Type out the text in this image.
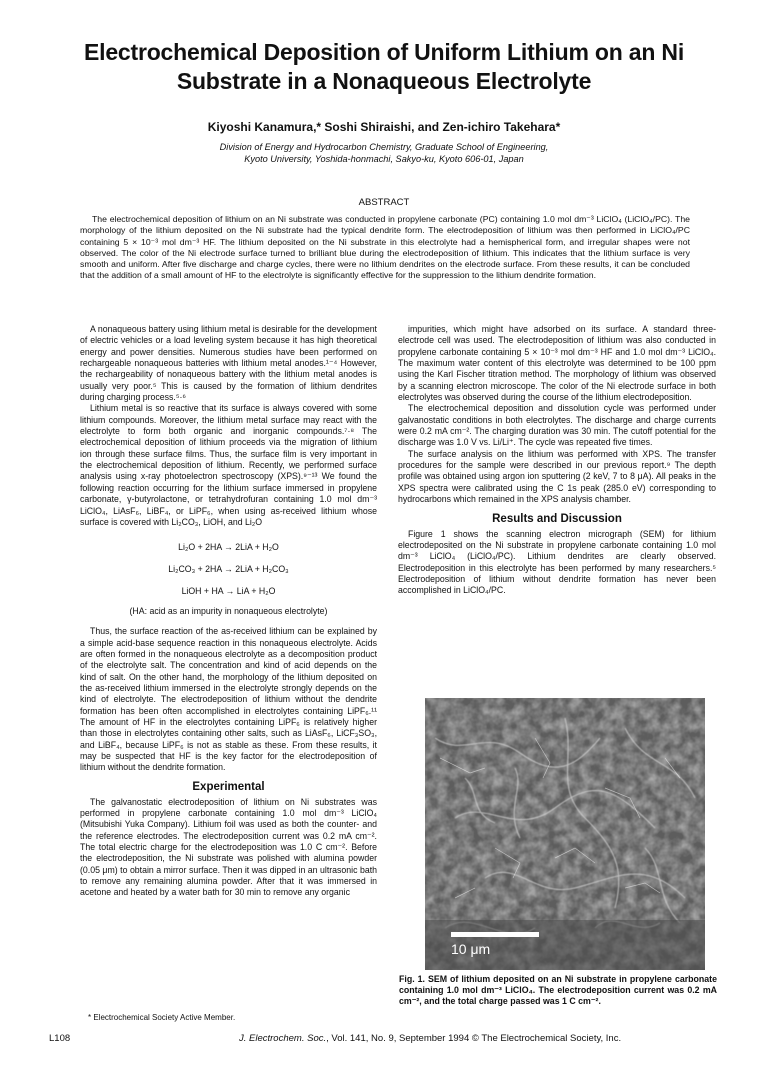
Electrochemical Deposition of Uniform Lithium on an Ni Substrate in a Nonaqueous Electrolyte
Kiyoshi Kanamura,* Soshi Shiraishi, and Zen-ichiro Takehara*
Division of Energy and Hydrocarbon Chemistry, Graduate School of Engineering,
Kyoto University, Yoshida-honmachi, Sakyo-ku, Kyoto 606-01, Japan
ABSTRACT
The electrochemical deposition of lithium on an Ni substrate was conducted in propylene carbonate (PC) containing 1.0 mol dm⁻³ LiClO₄ (LiClO₄/PC). The morphology of the lithium deposited on the Ni substrate had the typical dendrite form. The electrodeposition of lithium was then performed in LiClO₄/PC containing 5 × 10⁻³ mol dm⁻³ HF. The lithium deposited on the Ni substrate in this electrolyte had a hemispherical form, and irregular shapes were not observed. The color of the Ni electrode surface turned to brilliant blue during the electrodeposition of lithium. This indicates that the lithium surface is very smooth and uniform. After five discharge and charge cycles, there were no lithium dendrites on the electrode surface. From these results, it can be concluded that the addition of a small amount of HF to the electrolyte is significantly effective for the suppression to the lithium dendrite formation.

A nonaqueous battery using lithium metal is desirable for the development of electric vehicles or a load leveling system because it has high theoretical energy and power densities. Numerous studies have been performed on rechargeable nonaqueous batteries with lithium metal anodes.¹⁻⁴ However, the rechargeability of nonaqueous battery with the lithium metal anodes is usually very poor.⁵ This is caused by the formation of lithium dendrites during charging process.⁵·⁶

Lithium metal is so reactive that its surface is always covered with some lithium compounds. Moreover, the lithium metal surface may react with the electrolyte to form both organic and inorganic compounds.⁷·⁸ The electrochemical deposition of lithium proceeds via the migration of lithium ion through these surface films. Thus, the surface film is very important in the electrochemical deposition of lithium. Recently, we performed surface analysis using x-ray photoelectron spectroscopy (XPS).⁹⁻¹³ We found the following reaction occurring for the lithium surface immersed in propylene carbonate, γ-butyrolactone, or tetrahydrofuran containing 1.0 mol dm⁻³ LiClO₄, LiAsF₆, LiBF₄, or LiPF₆, when using as-received lithium whose surface is covered with Li₂CO₃, LiOH, and Li₂O

Li₂O + 2HA → 2LiA + H₂O
Li₂CO₃ + 2HA → 2LiA + H₂CO₃
LiOH + HA → LiA + H₂O
(HA: acid as an impurity in nonaqueous electrolyte)

Thus, the surface reaction of the as-received lithium can be explained by a simple acid-base sequence reaction in this nonaqueous electrolyte. Acids are often formed in the nonaqueous electrolyte as a decomposition product of the electrolyte salt. The concentration and kind of acid depends on the kind of salt. On the other hand, the morphology of the lithium deposited on the as-received lithium immersed in the electrolyte strongly depends on the kind of electrolyte. The electrodeposition of lithium without the dendrite formation has been often accomplished in electrolytes containing LiPF₆.¹¹ The amount of HF in the electrolytes containing LiPF₆ is relatively higher than those in electrolytes containing other salts, such as LiAsF₆, LiCF₃SO₃, and LiBF₄, because LiPF₆ is not as stable as these. From these results, it may be suspected that HF is the key factor for the electrodeposition of lithium without the dendrite formation.

Experimental

The galvanostatic electrodeposition of lithium on Ni substrates was performed in propylene carbonate containing 1.0 mol dm⁻³ LiClO₄ (Mitsubishi Yuka Company). Lithium foil was used as both the counter- and the reference electrodes. The electrodeposition current was 0.2 mA cm⁻². The total electric charge for the electrodeposition was 1.0 C cm⁻². Before the electrodeposition, the Ni substrate was polished with alumina powder (0.05 μm) to obtain a mirror surface. Then it was dipped in an ultrasonic bath to remove any remaining alumina powder. After that it was immersed in acetone and heated by a water bath for 30 min to remove any organic

* Electrochemical Society Active Member.

impurities, which might have adsorbed on its surface. A standard three-electrode cell was used. The electrodeposition of lithium was also conducted in propylene carbonate containing 5 × 10⁻³ mol dm⁻³ HF and 1.0 mol dm⁻³ LiClO₄. The maximum water content of this electrolyte was determined to be 100 ppm using the Karl Fischer titration method. The morphology of lithium was observed by a scanning electron microscope. The color of the Ni electrode surface in both electrolytes was observed during the course of the lithium electrodeposition.

The electrochemical deposition and dissolution cycle was performed under galvanostatic conditions in both electrolytes. The discharge and charge currents were 0.2 mA cm⁻². The charging duration was 30 min. The cutoff potential for the discharge was 1.0 V vs. Li/Li⁺. The cycle was repeated five times.

The surface analysis on the lithium was performed with XPS. The transfer procedures for the sample were described in our previous report.⁹ The depth profile was obtained using argon ion sputtering (2 keV, 7 to 8 μA). All peaks in the XPS spectra were calibrated using the C 1s peak (285.0 eV) corresponding to hydrocarbons which remained in the XPS analysis chamber.

Results and Discussion

Figure 1 shows the scanning electron micrograph (SEM) for lithium electrodeposited on the Ni substrate in propylene carbonate containing 1.0 mol dm⁻³ LiClO₄ (LiClO₄/PC). Lithium dendrites are clearly observed. Electrodeposition in this electrolyte has been performed by many researchers.⁵ Electrodeposition of lithium without dendrite formation has never been accomplished in LiClO₄/PC.

10 μm
Fig. 1. SEM of lithium deposited on an Ni substrate in propylene carbonate containing 1.0 mol dm⁻³ LiClO₄. The electrodeposition current was 0.2 mA cm⁻², and the total charge passed was 1 C cm⁻².
L108	J. Electrochem. Soc., Vol. 141, No. 9, September 1994 © The Electrochemical Society, Inc.
